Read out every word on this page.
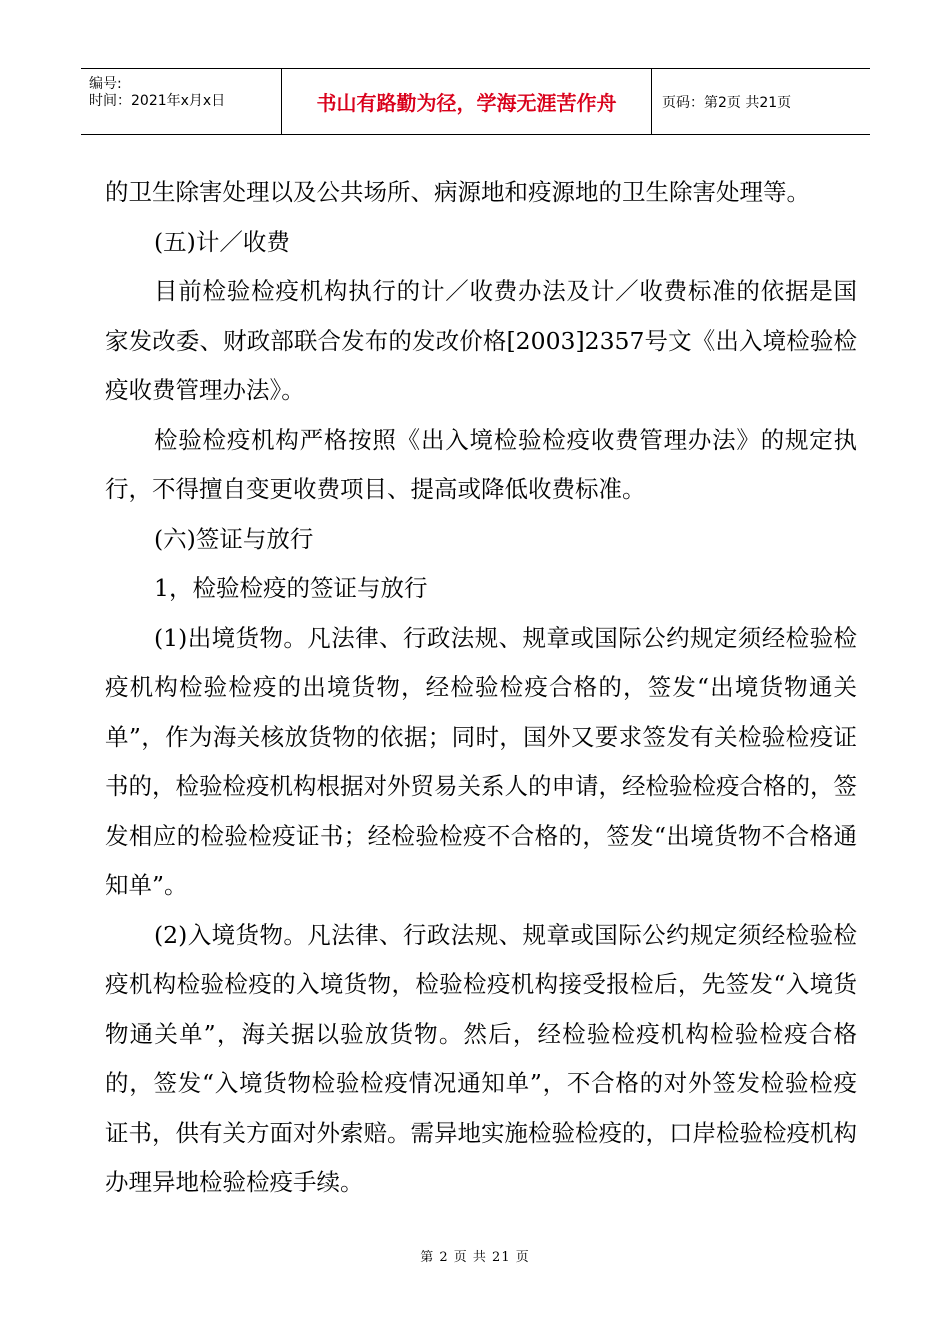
编号:
时间：2021年x月x日	书山有路勤为径，学海无涯苦作舟	页码：第2页 共21页

的卫生除害处理以及公共场所、病源地和疫源地的卫生除害处理等。

(五)计／收费

目前检验检疫机构执行的计／收费办法及计／收费标准的依据是国家发改委、财政部联合发布的发改价格[2003]2357号文《出入境检验检疫收费管理办法》。

检验检疫机构严格按照《出入境检验检疫收费管理办法》的规定执行，不得擅自变更收费项目、提高或降低收费标准。

(六)签证与放行

1，检验检疫的签证与放行

(1)出境货物。凡法律、行政法规、规章或国际公约规定须经检验检疫机构检验检疫的出境货物，经检验检疫合格的，签发“出境货物通关单”，作为海关核放货物的依据；同时，国外又要求签发有关检验检疫证书的，检验检疫机构根据对外贸易关系人的申请，经检验检疫合格的，签发相应的检验检疫证书；经检验检疫不合格的，签发“出境货物不合格通知单”。

(2)入境货物。凡法律、行政法规、规章或国际公约规定须经检验检疫机构检验检疫的入境货物，检验检疫机构接受报检后，先签发“入境货物通关单”，海关据以验放货物。然后，经检验检疫机构检验检疫合格的，签发“入境货物检验检疫情况通知单”，不合格的对外签发检验检疫证书，供有关方面对外索赔。需异地实施检验检疫的，口岸检验检疫机构办理异地检验检疫手续。

第 2 页 共 21 页
